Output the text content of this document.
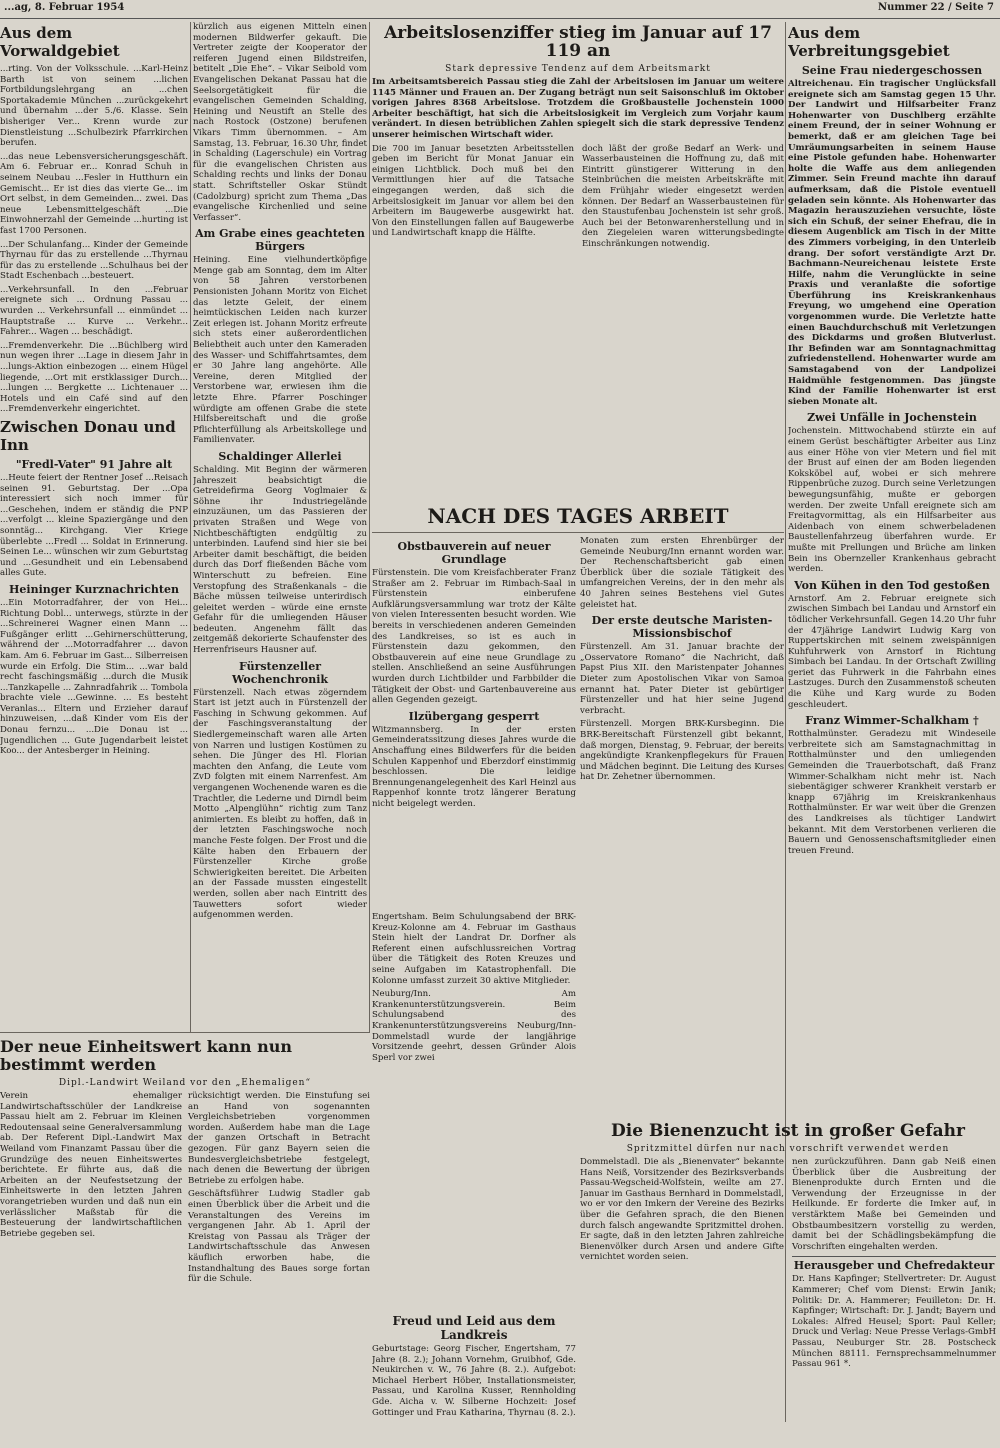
...ag, 8. Februar 1954	Nummer 22 / Seite 7
Aus dem Vorwaldgebiet

...rting. Von der Volksschule. ...Karl-Heinz Barth ist von seinem ...lichen Fortbildungslehrgang an ...chen Sportakademie München ...zurückgekehrt und übernahm ...der 5./6. Klasse. Sein bisheriger Ver... Krenn wurde zur Dienstleistung ...Schulbezirk Pfarrkirchen berufen.

...das neue Lebensversicherungsgeschäft. Am 6. Februar er... Konrad Schuh in seinem Neubau ...Fesler in Hutthurn ein Gemischt... Er ist dies das vierte Ge... im Ort selbst, in dem Gemeinden... zwei. Das neue Lebensmittelgeschäft ...Die Einwohnerzahl der Gemeinde ...hurting ist fast 1700 Personen.

...Der Schulanfang... Kinder der Gemeinde Thyrnau für das zu erstellende ...Thyrnau für das zu erstellende ...Schulhaus bei der Stadt Eschenbach ...besteuert.

...Verkehrsunfall. In den ...Februar ereignete sich ... Ordnung Passau ... wurden ... Verkehrsunfall ... einmündet ... Hauptstraße ... Kurve ... Verkehr... Fahrer... Wagen ... beschädigt.

...Fremdenverkehr. Die ...Büchlberg wird nun wegen ihrer ...Lage in diesem Jahr in ...lungs-Aktion einbezogen ... einem Hügel liegende, ...Ort mit erstklassiger Durch... ...lungen ... Bergkette ... Lichtenauer ... Hotels und ein Café sind auf den ...Fremdenverkehr eingerichtet.

Zwischen Donau und Inn
"Fredl-Vater" 91 Jahre alt

...Heute feiert der Rentner Josef ...Reisach seinen 91. Geburtstag. Der ...Opa interessiert sich noch immer für ...Geschehen, indem er ständig die PNP ...verfolgt ... kleine Spaziergänge und den sonntäg... Kirchgang. Vier Kriege überlebte ...Fredl ... Soldat in Erinnerung. Seinen Le... wünschen wir zum Geburtstag und ...Gesundheit und ein Lebensabend alles Gute.

Heininger Kurznachrichten

...Ein Motorradfahrer, der von Hei... Richtung Dobl... unterwegs, stürzte in der ...Schreinerei Wagner einen Mann ... Fußgänger erlitt ...Gehirnerschütterung, während der ...Motorradfahrer ... davon kam. Am 6. Februar im Gast... Silberreisen wurde ein Erfolg. Die Stim... ...war bald recht faschingsmäßig ...durch die Musik ...Tanzkapelle ... Zahnradfahrik ... Tombola brachte viele ...Gewinne. ... Es besteht Veranlas... Eltern und Erzieher darauf hinzuweisen, ...daß Kinder vom Eis der Donau fernzu... ...Die Donau ist ... Jugendlichen ... Gute Jugendarbeit leistet Koo... der Antesberger in Heining.

kürzlich aus eigenen Mitteln einen modernen Bildwerfer gekauft. Die Vertreter zeigte der Kooperator der reiferen Jugend einen Bildstreifen, betitelt „Die Ehe“. – Vikar Seibold vom Evangelischen Dekanat Passau hat die Seelsorgetätigkeit für die evangelischen Gemeinden Schalding, Heining und Neustift an Stelle des nach Rostock (Ostzone) berufenen Vikars Timm übernommen. – Am Samstag, 13. Februar, 16.30 Uhr, findet in Schalding (Lagerschule) ein Vortrag für die evangelischen Christen aus Schalding rechts und links der Donau statt. Schriftsteller Oskar Stündt (Cadolzburg) spricht zum Thema „Das evangelische Kirchenlied und seine Verfasser“.

Am Grabe eines geachteten Bürgers

Heining. Eine vielhundertköpfige Menge gab am Sonntag, dem im Alter von 58 Jahren verstorbenen Pensionisten Johann Moritz von Eichet das letzte Geleit, der einem heimtückischen Leiden nach kurzer Zeit erlegen ist. Johann Moritz erfreute sich stets einer außerordentlichen Beliebtheit auch unter den Kameraden des Wasser- und Schiffahrtsamtes, dem er 30 Jahre lang angehörte. Alle Vereine, deren Mitglied der Verstorbene war, erwiesen ihm die letzte Ehre. Pfarrer Poschinger würdigte am offenen Grabe die stete Hilfsbereitschaft und die große Pflichterfüllung als Arbeitskollege und Familienvater.

Schaldinger Allerlei

Schalding. Mit Beginn der wärmeren Jahreszeit beabsichtigt die Getreidefirma Georg Voglmaier & Söhne ihr Industriegelände einzuzäunen, um das Passieren der privaten Straßen und Wege von Nichtbeschäftigten endgültig zu unterbinden. Laufend sind hier sie bei Arbeiter damit beschäftigt, die beiden durch das Dorf fließenden Bäche vom Winterschutt zu befreien. Eine Verstopfung des Straßenkanals – die Bäche müssen teilweise unterirdisch geleitet werden – würde eine ernste Gefahr für die umliegenden Häuser bedeuten. Angenehm fällt das zeitgemäß dekorierte Schaufenster des Herrenfriseurs Hausner auf.

Fürstenzeller Wochenchronik

Fürstenzell. Nach etwas zögerndem Start ist jetzt auch in Fürstenzell der Fasching in Schwung gekommen. Auf der Faschingsveranstaltung der Siedlergemeinschaft waren alle Arten von Narren und lustigen Kostümen zu sehen. Die Jünger des Hl. Florian machten den Anfang, die Leute vom ZvD folgten mit einem Narrenfest. Am vergangenen Wochenende waren es die Trachtler, die Lederne und Dirndl beim Motto „Alpenglühn“ richtig zum Tanz animierten. Es bleibt zu hoffen, daß in der letzten Faschingswoche noch manche Feste folgen. Der Frost und die Kälte haben den Erbauern der Fürstenzeller Kirche große Schwierigkeiten bereitet. Die Arbeiten an der Fassade mussten eingestellt werden, sollen aber nach Eintritt des Tauwetters sofort wieder aufgenommen werden.

Arbeitslosenziffer stieg im Januar auf 17 119 an
Stark depressive Tendenz auf dem Arbeitsmarkt

Im Arbeitsamtsbereich Passau stieg die Zahl der Arbeitslosen im Januar um weitere 1145 Männer und Frauen an. Der Zugang beträgt nun seit Saisonschluß im Oktober vorigen Jahres 8368 Arbeitslose. Trotzdem die Großbaustelle Jochenstein 1000 Arbeiter beschäftigt, hat sich die Arbeitslosigkeit im Vergleich zum Vorjahr kaum verändert. In diesen betrüblichen Zahlen spiegelt sich die stark depressive Tendenz unserer heimischen Wirtschaft wider.

Die 700 im Januar besetzten Arbeitsstellen geben im Bericht für Monat Januar ein einigen Lichtblick. Doch muß bei den Vermittlungen hier auf die Tatsache eingegangen werden, daß sich die Arbeitslosigkeit im Januar vor allem bei den Arbeitern im Baugewerbe ausgewirkt hat. Von den Einstellungen fallen auf Baugewerbe und Landwirtschaft knapp die Hälfte.

doch läßt der große Bedarf an Werk- und Wasserbausteinen die Hoffnung zu, daß mit Eintritt günstigerer Witterung in den Steinbrüchen die meisten Arbeitskräfte mit dem Frühjahr wieder eingesetzt werden können. Der Bedarf an Wasserbausteinen für den Staustufenbau Jochenstein ist sehr groß. Auch bei der Betonwarenherstellung und in den Ziegeleien waren witterungsbedingte Einschränkungen notwendig.

NACH DES TAGES ARBEIT
Obstbauverein auf neuer Grundlage

Fürstenstein. Die vom Kreisfachberater Franz Straßer am 2. Februar im Rimbach-Saal in Fürstenstein einberufene Aufklärungsversammlung war trotz der Kälte von vielen Interessenten besucht worden. Wie bereits in verschiedenen anderen Gemeinden des Landkreises, so ist es auch in Fürstenstein dazu gekommen, den Obstbauverein auf eine neue Grundlage zu stellen. Anschließend an seine Ausführungen wurden durch Lichtbilder und Farbbilder die Tätigkeit der Obst- und Gartenbauvereine aus allen Gegenden gezeigt.

Ilzübergang gesperrt

Witzmannsberg. In der ersten Gemeinderatssitzung dieses Jahres wurde die Anschaffung eines Bildwerfers für die beiden Schulen Kappenhof und Eberzdorf einstimmig beschlossen. Die leidige Brennungenangelegenheit des Karl Heinzl aus Rappenhof konnte trotz längerer Beratung nicht beigelegt werden.

Monaten zum ersten Ehrenbürger der Gemeinde Neuburg/Inn ernannt worden war. Der Rechenschaftsbericht gab einen Überblick über die soziale Tätigkeit des umfangreichen Vereins, der in den mehr als 40 Jahren seines Bestehens viel Gutes geleistet hat.

Der erste deutsche Maristen-Missionsbischof

Fürstenzell. Am 31. Januar brachte der „Osservatore Romano“ die Nachricht, daß Papst Pius XII. den Maristenpater Johannes Dieter zum Apostolischen Vikar von Samoa ernannt hat. Pater Dieter ist gebürtiger Fürstenzeller und hat hier seine Jugend verbracht.

Fürstenzell. Morgen BRK-Kursbeginn. Die BRK-Bereitschaft Fürstenzell gibt bekannt, daß morgen, Dienstag, 9. Februar, der bereits angekündigte Krankenpflegekurs für Frauen und Mädchen beginnt. Die Leitung des Kurses hat Dr. Zehetner übernommen.

Engertsham. Beim Schulungsabend der BRK-Kreuz-Kolonne am 4. Februar im Gasthaus Stein hielt der Landrat Dr. Dorfner als Referent einen aufschlussreichen Vortrag über die Tätigkeit des Roten Kreuzes und seine Aufgaben im Katastrophenfall. Die Kolonne umfasst zurzeit 30 aktive Mitglieder.

Neuburg/Inn. Am Krankenunterstützungsverein. Beim Schulungsabend des Krankenunterstützungsvereins Neuburg/Inn-Dommelstadl wurde der langjährige Vorsitzende geehrt, dessen Gründer Alois Sperl vor zwei

Der neue Einheitswert kann nun bestimmt werden
Dipl.-Landwirt Weiland vor den „Ehemaligen“

Verein ehemaliger Landwirtschaftsschüler der Landkreise Passau hielt am 2. Februar im Kleinen Redoutensaal seine Generalversammlung ab. Der Referent Dipl.-Landwirt Max Weiland vom Finanzamt Passau über die Grundzüge des neuen Einheitswertes berichtete. Er führte aus, daß die Arbeiten an der Neufestsetzung der Einheitswerte in den letzten Jahren vorangetrieben wurden und daß nun ein verlässlicher Maßstab für die Besteuerung der landwirtschaftlichen Betriebe gegeben sei.

rücksichtigt werden. Die Einstufung sei an Hand von sogenannten Vergleichsbetrieben vorgenommen worden. Außerdem habe man die Lage der ganzen Ortschaft in Betracht gezogen. Für ganz Bayern seien die Bundesvergleichsbetriebe festgelegt, nach denen die Bewertung der übrigen Betriebe zu erfolgen habe.

Geschäftsführer Ludwig Stadler gab einen Überblick über die Arbeit und die Veranstaltungen des Vereins im vergangenen Jahr. Ab 1. April der Kreistag von Passau als Träger der Landwirtschaftsschule das Anwesen käuflich erworben habe, die Instandhaltung des Baues sorge fortan für die Schule.

Freud und Leid aus dem Landkreis

Geburtstage: Georg Fischer, Engertsham, 77 Jahre (8. 2.); Johann Vornehm, Gruibhof, Gde. Neukirchen v. W., 76 Jahre (8. 2.). Aufgebot: Michael Herbert Höber, Installationsmeister, Passau, und Karolina Kusser, Rennholding Gde. Aicha v. W. Silberne Hochzeit: Josef Gottinger und Frau Katharina, Thyrnau (8. 2.).

Aus dem Verbreitungsgebiet
Seine Frau niedergeschossen

Altreichenau. Ein tragischer Unglücksfall ereignete sich am Samstag gegen 15 Uhr. Der Landwirt und Hilfsarbeiter Franz Hohenwarter von Duschlberg erzählte einem Freund, der in seiner Wohnung er bemerkt, daß er am gleichen Tage bei Umräumungsarbeiten in seinem Hause eine Pistole gefunden habe. Hohenwarter holte die Waffe aus dem anliegenden Zimmer. Sein Freund machte ihn darauf aufmerksam, daß die Pistole eventuell geladen sein könnte. Als Hohenwarter das Magazin herauszuziehen versuchte, löste sich ein Schuß, der seiner Ehefrau, die in diesem Augenblick am Tisch in der Mitte des Zimmers vorbeiging, in den Unterleib drang. Der sofort verständigte Arzt Dr. Bachmann-Neureichenau leistete Erste Hilfe, nahm die Verunglückte in seine Praxis und veranlaßte die sofortige Überführung ins Kreiskrankenhaus Freyung, wo umgehend eine Operation vorgenommen wurde. Die Verletzte hatte einen Bauchdurchschuß mit Verletzungen des Dickdarms und großen Blutverlust. Ihr Befinden war am Sonntagnachmittag zufriedenstellend. Hohenwarter wurde am Samstagabend von der Landpolizei Haidmühle festgenommen. Das jüngste Kind der Familie Hohenwarter ist erst sieben Monate alt.

Zwei Unfälle in Jochenstein

Jochenstein. Mittwochabend stürzte ein auf einem Gerüst beschäftigter Arbeiter aus Linz aus einer Höhe von vier Metern und fiel mit der Brust auf einen der am Boden liegenden Koksköbel auf, wobei er sich mehrere Rippenbrüche zuzog. Durch seine Verletzungen bewegungsunfähig, mußte er geborgen werden. Der zweite Unfall ereignete sich am Freitagvormittag, als ein Hilfsarbeiter aus Aidenbach von einem schwerbeladenen Baustellenfahrzeug überfahren wurde. Er mußte mit Prellungen und Brüche am linken Bein ins Obernzeller Krankenhaus gebracht werden.

Von Kühen in den Tod gestoßen

Arnstorf. Am 2. Februar ereignete sich zwischen Simbach bei Landau und Arnstorf ein tödlicher Verkehrsunfall. Gegen 14.20 Uhr fuhr der 47jährige Landwirt Ludwig Karg von Ruppertskirchen mit seinem zweispännigen Kuhfuhrwerk von Arnstorf in Richtung Simbach bei Landau. In der Ortschaft Zwilling geriet das Fuhrwerk in die Fahrbahn eines Lastzuges. Durch den Zusammenstoß scheuten die Kühe und Karg wurde zu Boden geschleudert.

Franz Wimmer-Schalkham †

Rotthalmünster. Geradezu mit Windeseile verbreitete sich am Samstagnachmittag in Rotthalmünster und den umliegenden Gemeinden die Trauerbotschaft, daß Franz Wimmer-Schalkham nicht mehr ist. Nach siebentägiger schwerer Krankheit verstarb er knapp 67jährig im Kreiskrankenhaus Rotthalmünster. Er war weit über die Grenzen des Landkreises als tüchtiger Landwirt bekannt. Mit dem Verstorbenen verlieren die Bauern und Genossenschaftsmitglieder einen treuen Freund.

Die Bienenzucht ist in großer Gefahr
Spritzmittel dürfen nur nach vorschrift verwendet werden

Dommelstadl. Die als „Bienenvater“ bekannte Hans Neiß, Vorsitzender des Bezirksverbands Passau-Wegscheid-Wolfstein, weilte am 27. Januar im Gasthaus Bernhard in Dommelstadl, wo er vor den Imkern der Vereine des Bezirks über die Gefahren sprach, die den Bienen durch falsch angewandte Spritzmittel drohen. Er sagte, daß in den letzten Jahren zahlreiche Bienenvölker durch Arsen und andere Gifte vernichtet worden seien.

nen zurückzuführen. Dann gab Neiß einen Überblick über die Ausbreitung der Bienenprodukte durch Ernten und die Verwendung der Erzeugnisse in der Heilkunde. Er forderte die Imker auf, in verstärktem Maße bei Gemeinden und Obstbaumbesitzern vorstellig zu werden, damit bei der Schädlingsbekämpfung die Vorschriften eingehalten werden.

Herausgeber und Chefredakteur

Dr. Hans Kapfinger; Stellvertreter: Dr. August Kammerer; Chef vom Dienst: Erwin Janik; Politik: Dr. A. Hammerer; Feuilleton: Dr. H. Kapfinger; Wirtschaft: Dr. J. Jandt; Bayern und Lokales: Alfred Heusel; Sport: Paul Keller; Druck und Verlag: Neue Presse Verlags-GmbH Passau, Neuburger Str. 28. Postscheck München 88111. Fernsprechsammelnummer Passau 961 *.
